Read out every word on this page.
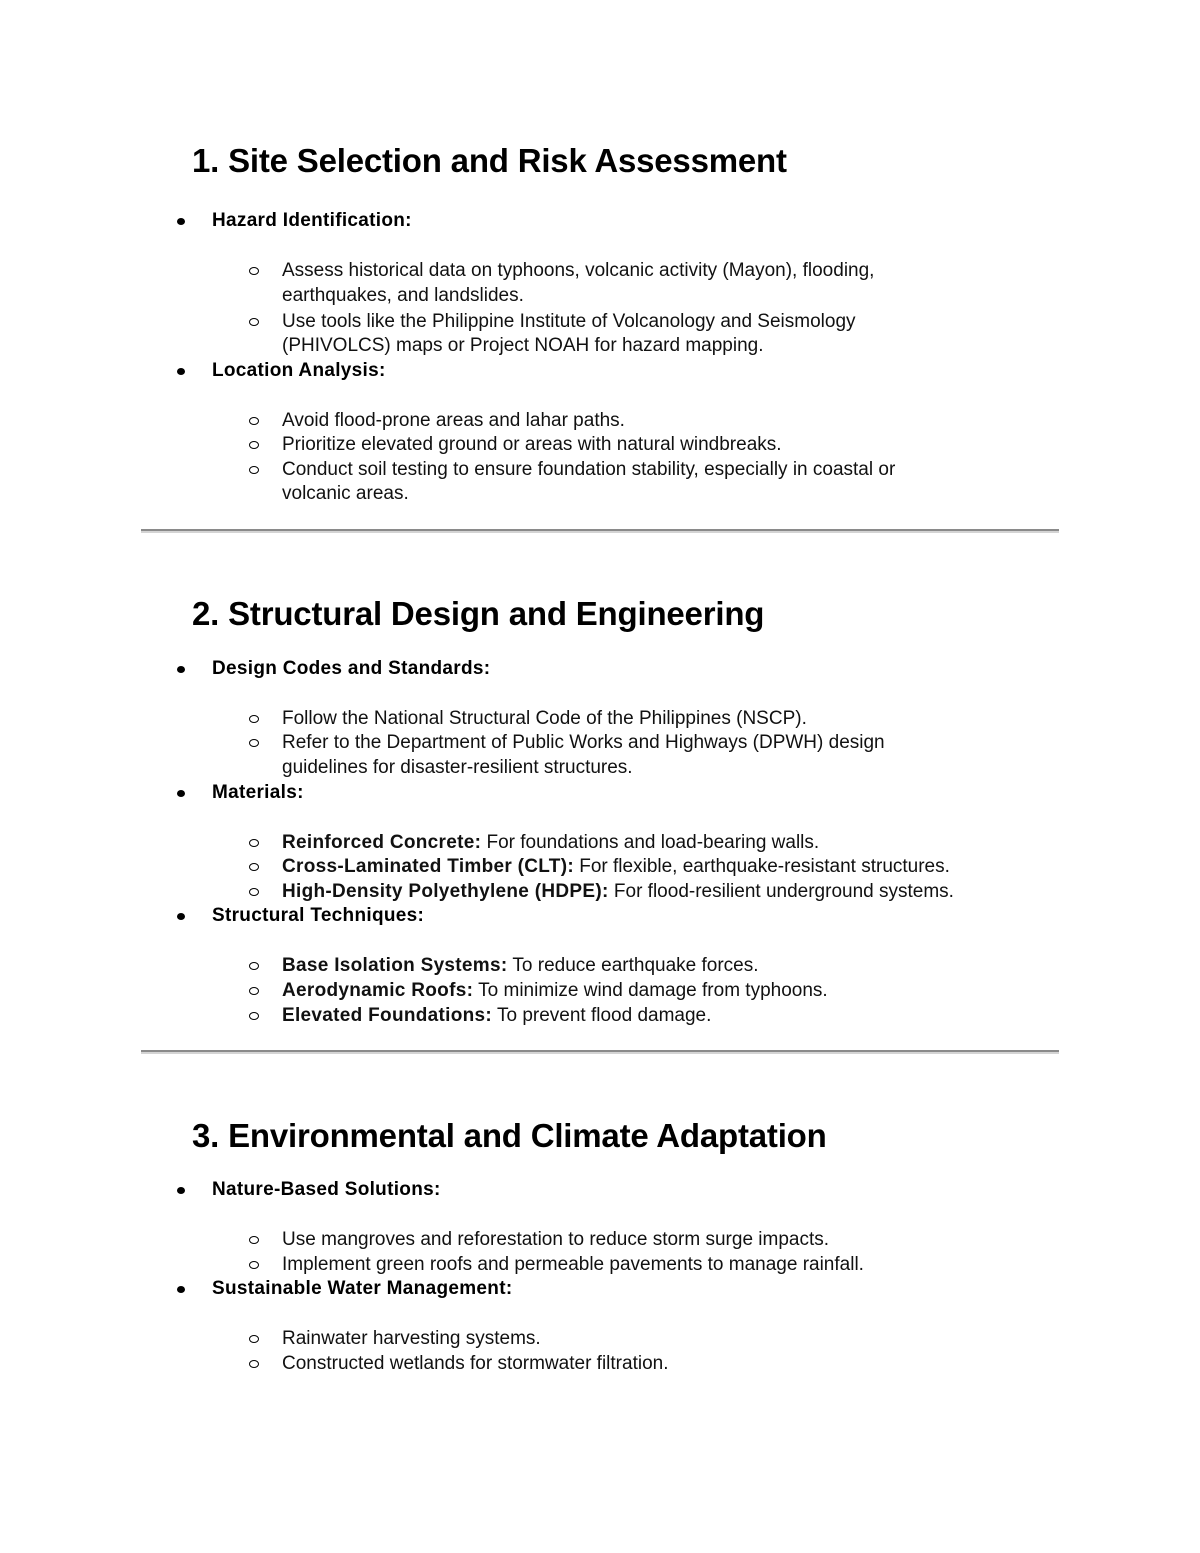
1. Site Selection and Risk Assessment
Hazard Identification:
Assess historical data on typhoons, volcanic activity (Mayon), flooding,
earthquakes, and landslides.
Use tools like the Philippine Institute of Volcanology and Seismology
(PHIVOLCS) maps or Project NOAH for hazard mapping.
Location Analysis:
Avoid flood-prone areas and lahar paths.
Prioritize elevated ground or areas with natural windbreaks.
Conduct soil testing to ensure foundation stability, especially in coastal or
volcanic areas.
2. Structural Design and Engineering
Design Codes and Standards:
Follow the National Structural Code of the Philippines (NSCP).
Refer to the Department of Public Works and Highways (DPWH) design
guidelines for disaster-resilient structures.
Materials:
Reinforced Concrete: For foundations and load-bearing walls.
Cross-Laminated Timber (CLT): For flexible, earthquake-resistant structures.
High-Density Polyethylene (HDPE): For flood-resilient underground systems.
Structural Techniques:
Base Isolation Systems: To reduce earthquake forces.
Aerodynamic Roofs: To minimize wind damage from typhoons.
Elevated Foundations: To prevent flood damage.
3. Environmental and Climate Adaptation
Nature-Based Solutions:
Use mangroves and reforestation to reduce storm surge impacts.
Implement green roofs and permeable pavements to manage rainfall.
Sustainable Water Management:
Rainwater harvesting systems.
Constructed wetlands for stormwater filtration.
